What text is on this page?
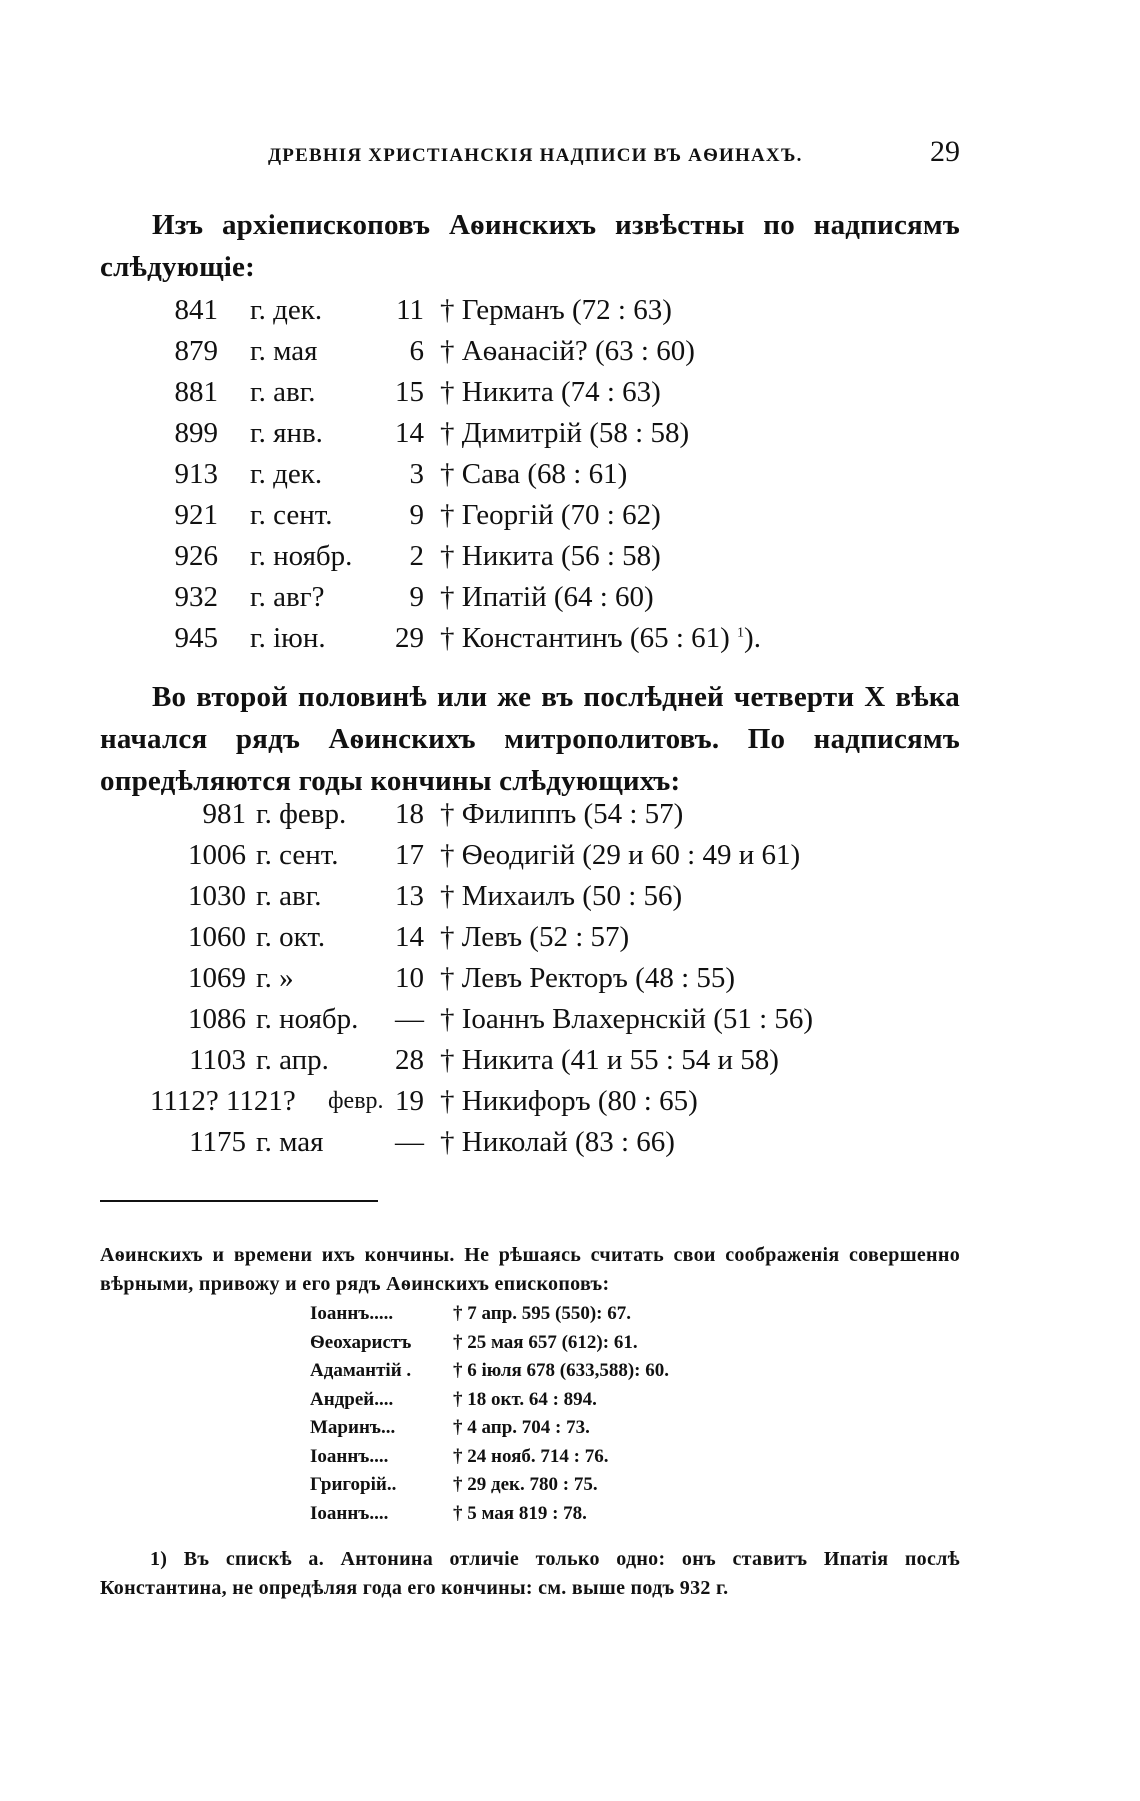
ДРЕВНІЯ ХРИСТІАНСКІЯ НАДПИСИ ВЪ АѲИНАХЪ.	29

Изъ архіепископовъ Аѳинскихъ извѣстны по надписямъ слѣдующіе:

841 г. дек.	11 † Германъ (72 : 63)
879 г. мая	6 † Аѳанасій? (63 : 60)
881 г. авг.	15 † Никита (74 : 63)
899 г. янв.	14 † Димитрій (58 : 58)
913 г. дек.	3 † Сава (68 : 61)
921 г. сент.	9 † Георгій (70 : 62)
926 г. ноябр.	2 † Никита (56 : 58)
932 г. авг?	9 † Ипатій (64 : 60)
945 г. іюн.	29 † Константинъ (65 : 61) $^1$).

Во второй половинѣ или же въ послѣдней четверти X вѣка начался рядъ Аѳинскихъ митрополитовъ. По надписямъ опредѣляются годы кончины слѣдующихъ:

981 г. февр.	18 † Филиппъ (54 : 57)
1006 г. сент.	17 † Ѳеодигій (29 и 60 : 49 и 61)
1030 г. авг.	13 † Михаилъ (50 : 56)
1060 г. окт.	14 † Левъ (52 : 57)
1069 г. »	10 † Левъ Ректоръ (48 : 55)
1086 г. ноябр.	— † Іоаннъ Влахернскій (51 : 56)
1103 г. апр.	28 † Никита (41 и 55 : 54 и 58)
1112? 1121? февр. 19 † Никифоръ (80 : 65)
1175 г. мая	— † Николай (83 : 66)

Аѳинскихъ и времени ихъ кончины. Не рѣшаясь считать свои соображенія совершенно вѣрными, привожу и его рядъ Аѳинскихъ епископовъ:

Іоаннъ.....	† 7 апр. 595 (550): 67.
Ѳеохаристъ † 25 мая 657 (612): 61.
Адамантій . † 6 іюля 678 (633,588): 60.
Андрей....	† 18 окт. 64 : 894.
Маринъ...	† 4 апр. 704 : 73.
Іоаннъ....	† 24 нояб. 714 : 76.
Григорій..	† 29 дек. 780 : 75.
Іоаннъ....	† 5 мая 819 : 78.

1) Въ спискѣ а. Антонина отличіе только одно: онъ ставитъ Ипатія послѣ Константина, не опредѣляя года его кончины: см. выше подъ 932 г.
